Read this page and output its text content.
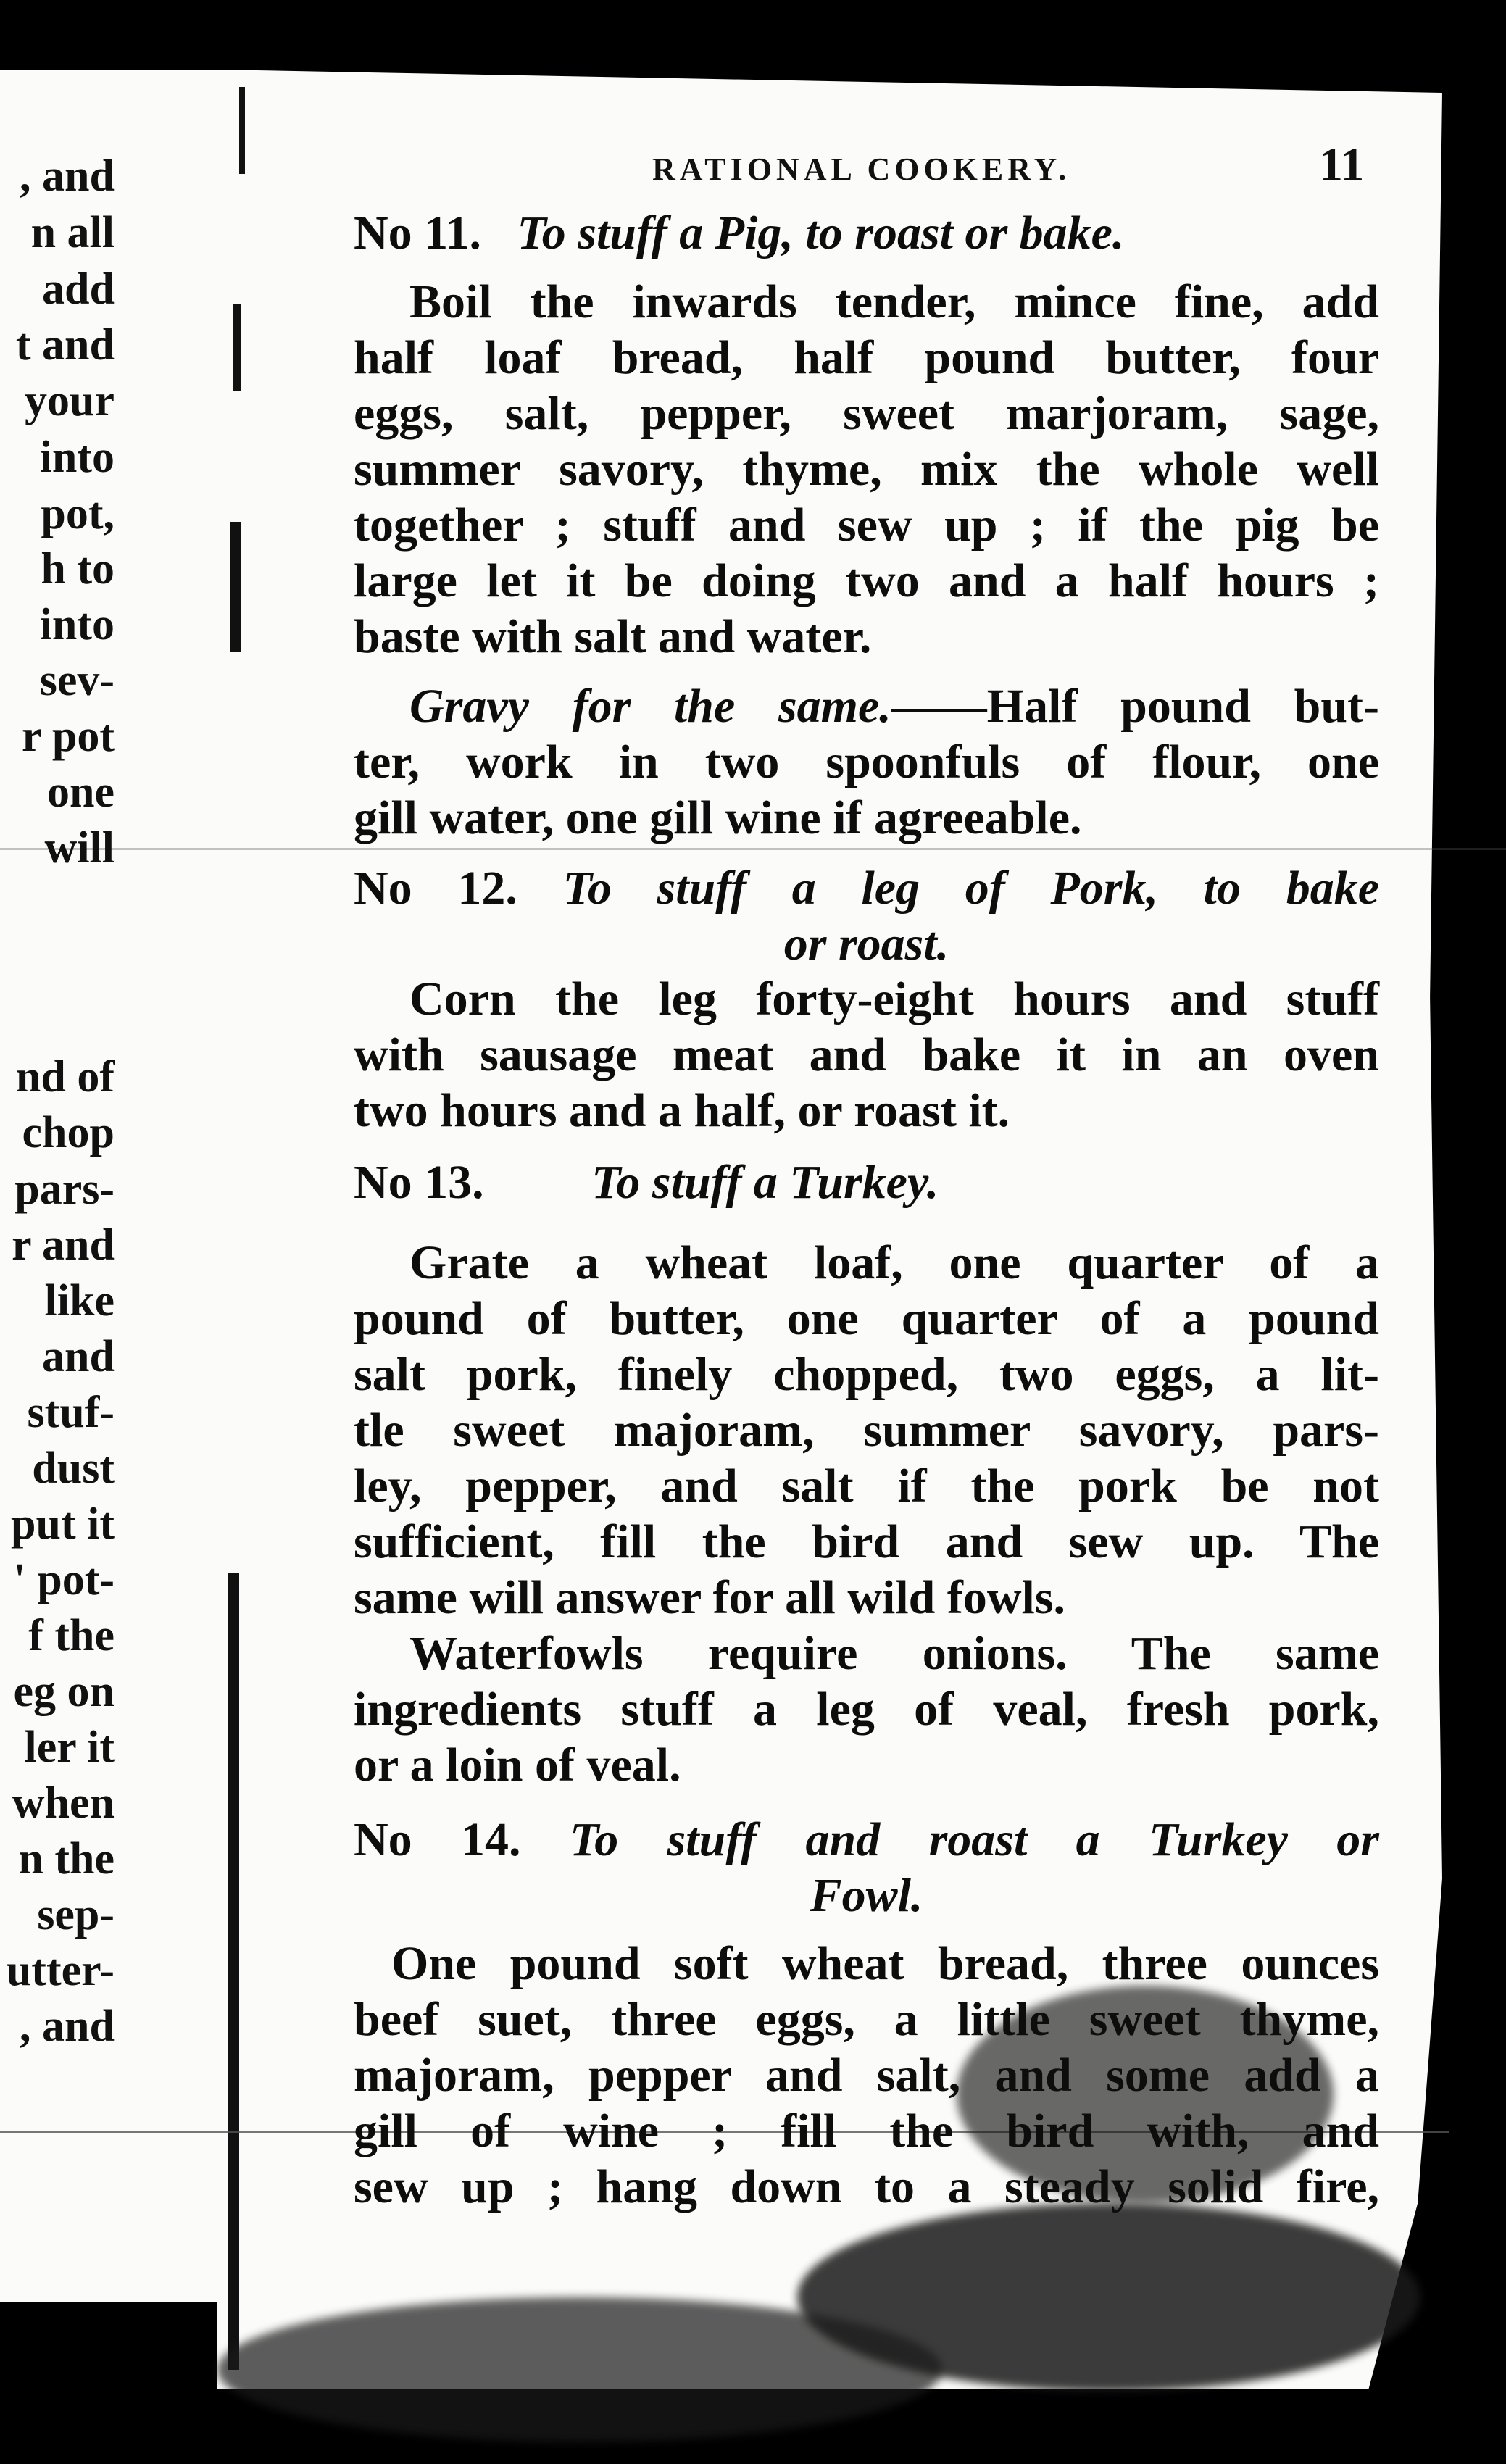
, and
n all
add
t and
your
into
pot,
h to
into
sev-
r pot
one
will
nd of
chop
pars-
r and
like
and
stuf-
dust
put it
' pot-
f the
eg on
ler it
when
n the
sep-
utter-
, and
RATIONAL COOKERY.	11
No 11. To stuff a Pig, to roast or bake.
Boil the inwards tender, mince fine, add
half loaf bread, half pound butter, four
eggs, salt, pepper, sweet marjoram, sage,
summer savory, thyme, mix the whole well
together ; stuff and sew up ; if the pig be
large let it be doing two and a half hours ;
baste with salt and water.
Gravy for the same.——Half pound but-
ter, work in two spoonfuls of flour, one
gill water, one gill wine if agreeable.
No 12. To stuff a leg of Pork, to bake
or roast.
Corn the leg forty-eight hours and stuff
with sausage meat and bake it in an oven
two hours and a half, or roast it.
No 13. To stuff a Turkey.
Grate a wheat loaf, one quarter of a
pound of butter, one quarter of a pound
salt pork, finely chopped, two eggs, a lit-
tle sweet majoram, summer savory, pars-
ley, pepper, and salt if the pork be not
sufficient, fill the bird and sew up. The
same will answer for all wild fowls.
Waterfowls require onions. The same
ingredients stuff a leg of veal, fresh pork,
or a loin of veal.
No 14. To stuff and roast a Turkey or
Fowl.
One pound soft wheat bread, three ounces
beef suet, three eggs, a little sweet thyme,
majoram, pepper and salt, and some add a
gill of wine ; fill the bird with, and
sew up ; hang down to a steady solid fire,
